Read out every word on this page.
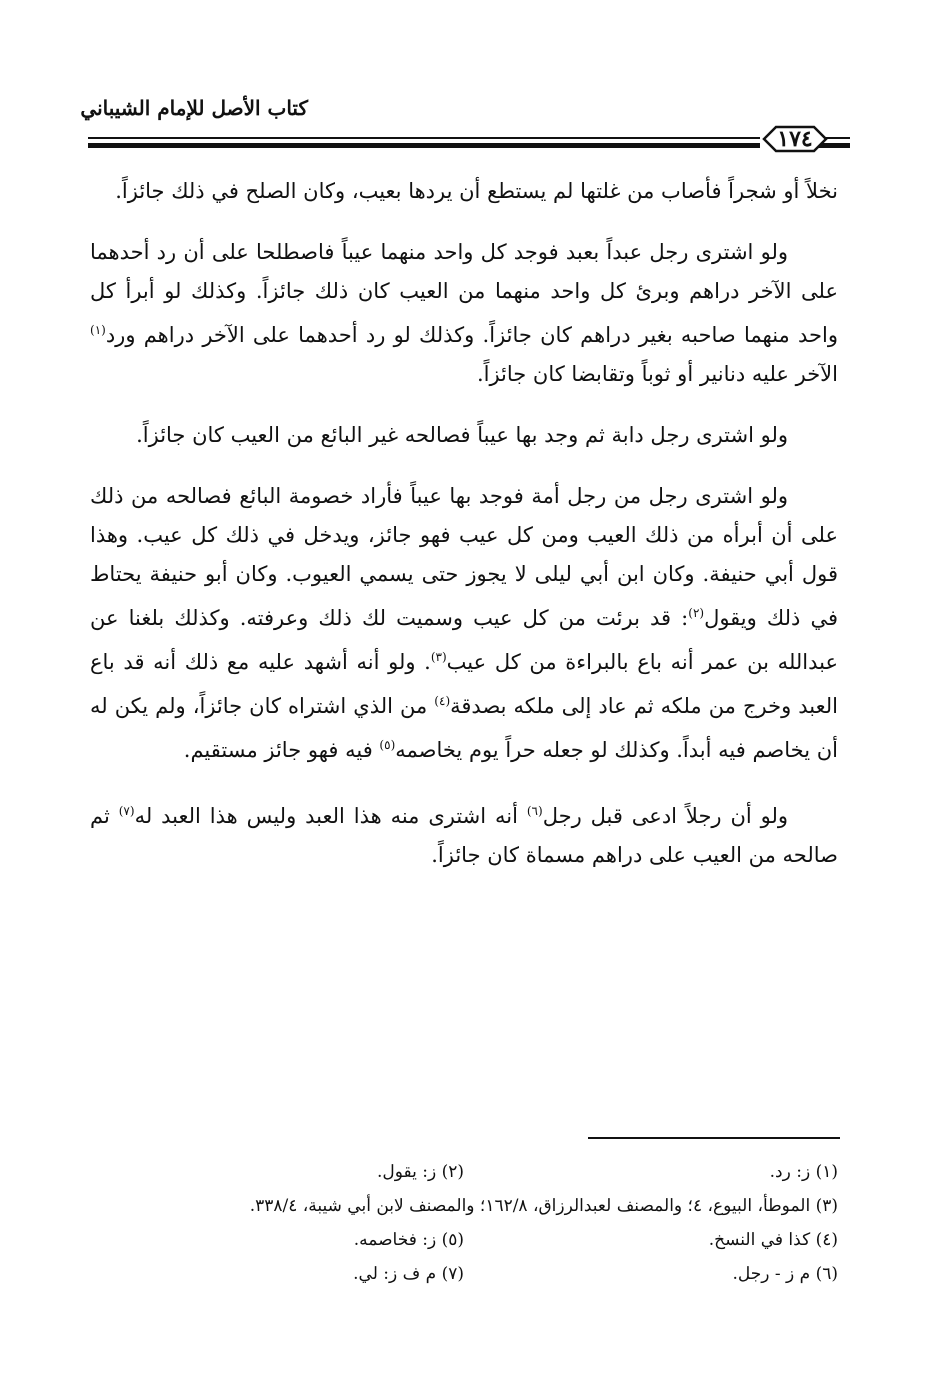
كتاب الأصل للإمام الشيباني
١٧٤

نخلاً أو شجراً فأصاب من غلتها لم يستطع أن يردها بعيب، وكان الصلح في ذلك جائزاً.

ولو اشترى رجل عبداً بعبد فوجد كل واحد منهما عيباً فاصطلحا على أن رد أحدهما على الآخر دراهم وبرئ كل واحد منهما من العيب كان ذلك جائزاً. وكذلك لو أبرأ كل واحد منهما صاحبه بغير دراهم كان جائزاً. وكذلك لو رد أحدهما على الآخر دراهم ورد$^{(١)}$ الآخر عليه دنانير أو ثوباً وتقابضا كان جائزاً.

ولو اشترى رجل دابة ثم وجد بها عيباً فصالحه غير البائع من العيب كان جائزاً.

ولو اشترى رجل من رجل أمة فوجد بها عيباً فأراد خصومة البائع فصالحه من ذلك على أن أبرأه من ذلك العيب ومن كل عيب فهو جائز، ويدخل في ذلك كل عيب. وهذا قول أبي حنيفة. وكان ابن أبي ليلى لا يجوز حتى يسمي العيوب. وكان أبو حنيفة يحتاط في ذلك ويقول$^{(٢)}$: قد برئت من كل عيب وسميت لك ذلك وعرفته. وكذلك بلغنا عن عبدالله بن عمر أنه باع بالبراءة من كل عيب$^{(٣)}$. ولو أنه أشهد عليه مع ذلك أنه قد باع العبد وخرج من ملكه ثم عاد إلى ملكه بصدقة$^{(٤)}$ من الذي اشتراه كان جائزاً، ولم يكن له أن يخاصم فيه أبداً. وكذلك لو جعله حراً يوم يخاصمه$^{(٥)}$ فيه فهو جائز مستقيم.

ولو أن رجلاً ادعى قبل رجل$^{(٦)}$ أنه اشترى منه هذا العبد وليس هذا العبد له$^{(٧)}$ ثم صالحه من العيب على دراهم مسماة كان جائزاً.

(١) ز: رد.
(٢) ز: يقول.
(٣) الموطأ، البيوع، ٤؛ والمصنف لعبدالرزاق، ١٦٢/٨؛ والمصنف لابن أبي شيبة، ٣٣٨/٤.
(٤) كذا في النسخ.
(٥) ز: فخاصمه.
(٦) م ز - رجل.
(٧) م ف ز: لي.
